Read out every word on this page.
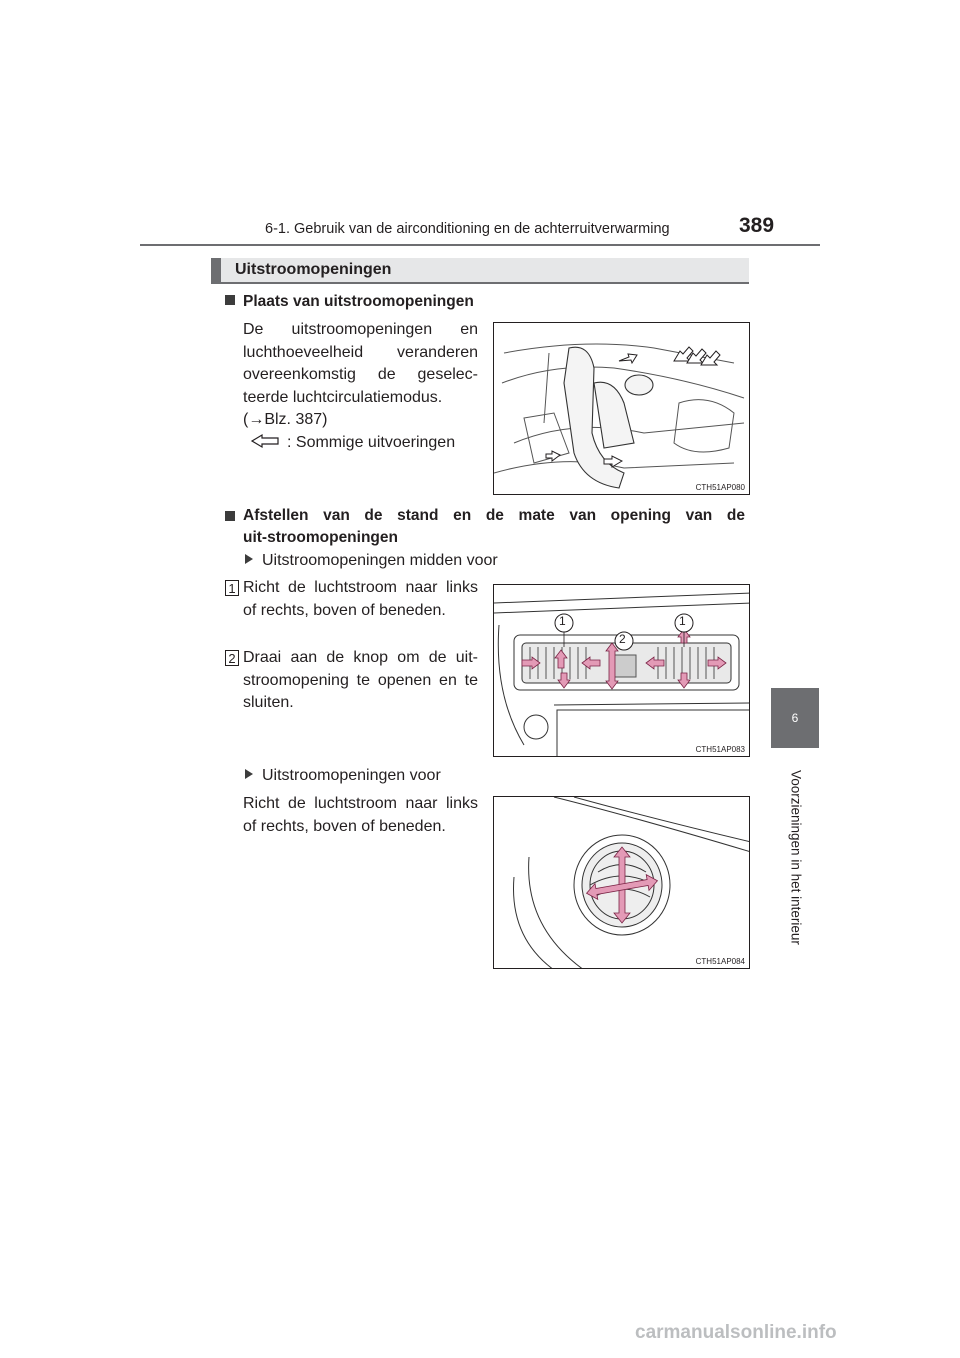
6-1. Gebruik van de airconditioning en de achterruitverwarming	389
6
Voorzieningen in het interieur
Uitstroomopeningen
Plaats van uitstroomopeningen
De uitstroomopeningen en luchthoeveelheid veranderen overeenkomstig de geselec-teerde luchtcirculatiemodus.
(→Blz. 387)
: Sommige uitvoeringen
CTH51AP080
Afstellen van de stand en de mate van opening van de uit-stroomopeningen
Uitstroomopeningen midden voor
1 Richt de luchtstroom naar links of rechts, boven of beneden.
2 Draai aan de knop om de uit-stroomopening te openen en te sluiten.
1	1
2
CTH51AP083
Uitstroomopeningen voor
Richt de luchtstroom naar links of rechts, boven of beneden.
CTH51AP084
carmanualsonline.info
